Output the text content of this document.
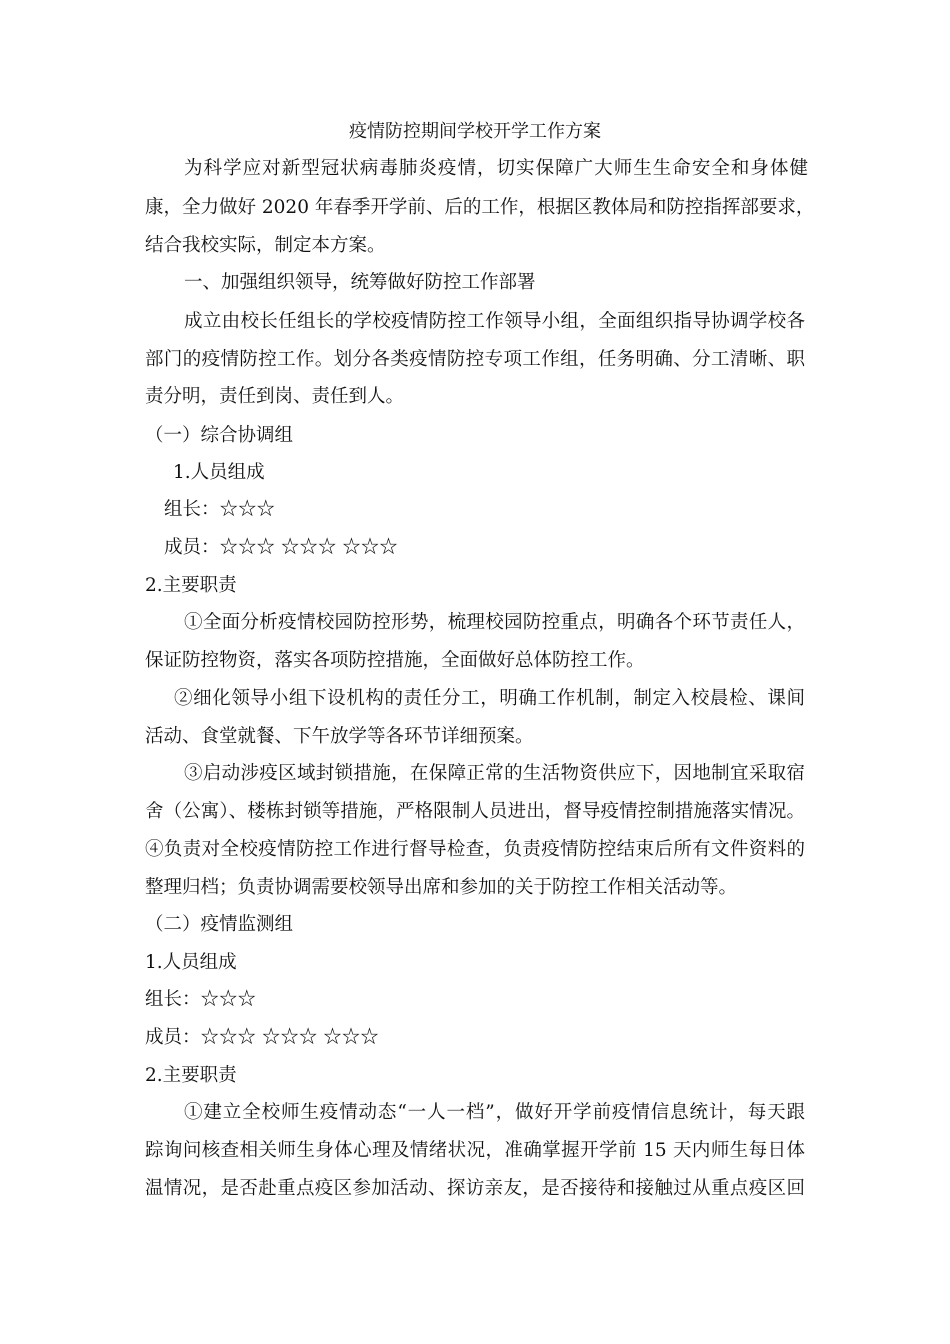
疫情防控期间学校开学工作方案
为科学应对新型冠状病毒肺炎疫情，切实保障广大师生生命安全和身体健
康，全力做好 2020 年春季开学前、后的工作，根据区教体局和防控指挥部要求，
结合我校实际，制定本方案。
一、加强组织领导，统筹做好防控工作部署
成立由校长任组长的学校疫情防控工作领导小组，全面组织指导协调学校各
部门的疫情防控工作。划分各类疫情防控专项工作组，任务明确、分工清晰、职
责分明，责任到岗、责任到人。
（一）综合协调组
1.人员组成
组长：☆☆☆
成员：☆☆☆ ☆☆☆ ☆☆☆
2.主要职责
①全面分析疫情校园防控形势，梳理校园防控重点，明确各个环节责任人，
保证防控物资，落实各项防控措施，全面做好总体防控工作。
②细化领导小组下设机构的责任分工，明确工作机制，制定入校晨检、课间
活动、食堂就餐、下午放学等各环节详细预案。
③启动涉疫区域封锁措施，在保障正常的生活物资供应下，因地制宜采取宿
舍（公寓）、楼栋封锁等措施，严格限制人员进出，督导疫情控制措施落实情况。
④负责对全校疫情防控工作进行督导检查，负责疫情防控结束后所有文件资料的
整理归档；负责协调需要校领导出席和参加的关于防控工作相关活动等。
（二）疫情监测组
1.人员组成
组长：☆☆☆
成员：☆☆☆ ☆☆☆ ☆☆☆
2.主要职责
①建立全校师生疫情动态“一人一档”，做好开学前疫情信息统计，每天跟
踪询问核查相关师生身体心理及情绪状况，准确掌握开学前 15 天内师生每日体
温情况，是否赴重点疫区参加活动、探访亲友，是否接待和接触过从重点疫区回
